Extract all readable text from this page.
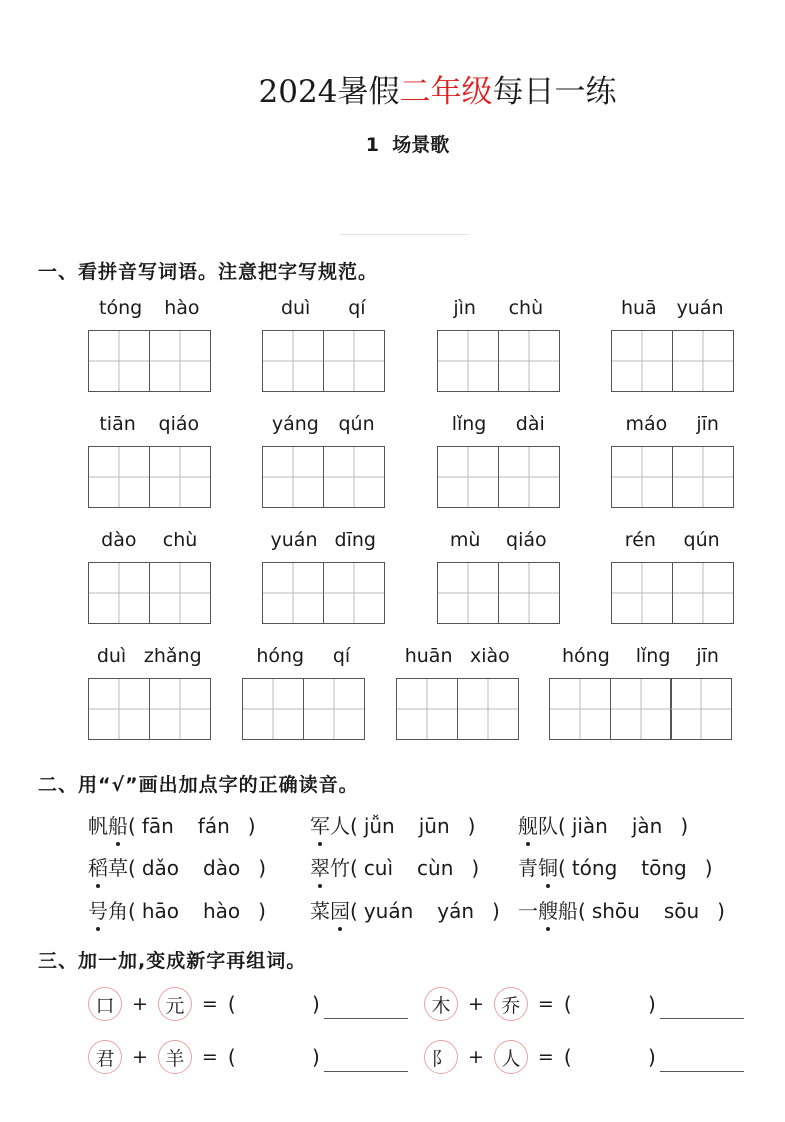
2024暑假二年级每日一练
1  场景歌
一、看拼音写词语。注意把字写规范。
tóng hào	duì qí	jìn chù	huā yuán
tiān qiáo	yáng qún	lǐng dài	máo jīn
dào chù	yuán dīng	mù qiáo	rén qún
duì zhǎng	hóng qí	huān xiào	hóng lǐng jīn
二、用“√”画出加点字的正确读音。
帆船( fān fán )	军人( jǚn jūn ) 舰队( jiàn jàn )
稻草( dǎo dào ) 翠竹( cuì cùn ) 青铜( tóng tōng )
号角( hāo hào ) 菜园( yuán yán ) 一艘船( shōu sōu )
三、加一加,变成新字再组词。
口 + 元 = (	)	木 + 乔 = (	)
君 + 羊 = (	)	阝 + 人 = (	)
